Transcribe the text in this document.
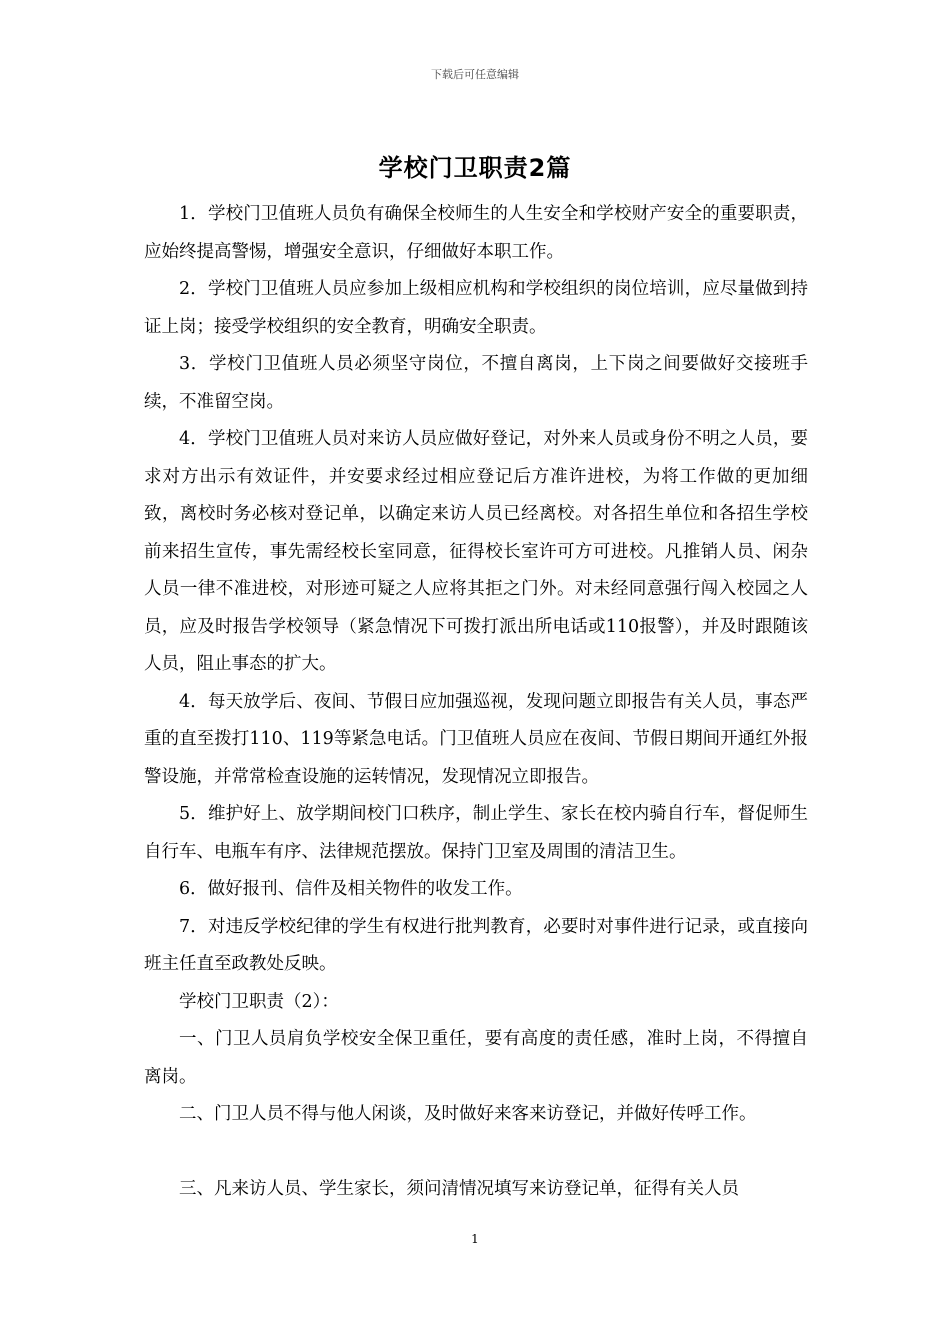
下载后可任意编辑
学校门卫职责2篇

1．学校门卫值班人员负有确保全校师生的人生安全和学校财产安全的重要职责，应始终提高警惕，增强安全意识，仔细做好本职工作。

2．学校门卫值班人员应参加上级相应机构和学校组织的岗位培训，应尽量做到持证上岗；接受学校组织的安全教育，明确安全职责。

3．学校门卫值班人员必须坚守岗位，不擅自离岗，上下岗之间要做好交接班手续，不准留空岗。

4．学校门卫值班人员对来访人员应做好登记，对外来人员或身份不明之人员，要求对方出示有效证件，并安要求经过相应登记后方准许进校，为将工作做的更加细致，离校时务必核对登记单，以确定来访人员已经离校。对各招生单位和各招生学校前来招生宣传，事先需经校长室同意，征得校长室许可方可进校。凡推销人员、闲杂人员一律不准进校，对形迹可疑之人应将其拒之门外。对未经同意强行闯入校园之人员，应及时报告学校领导（紧急情况下可拨打派出所电话或110报警），并及时跟随该人员，阻止事态的扩大。

4．每天放学后、夜间、节假日应加强巡视，发现问题立即报告有关人员，事态严重的直至拨打110、119等紧急电话。门卫值班人员应在夜间、节假日期间开通红外报警设施，并常常检查设施的运转情况，发现情况立即报告。

5．维护好上、放学期间校门口秩序，制止学生、家长在校内骑自行车，督促师生自行车、电瓶车有序、法律规范摆放。保持门卫室及周围的清洁卫生。

6．做好报刊、信件及相关物件的收发工作。

7．对违反学校纪律的学生有权进行批判教育，必要时对事件进行记录，或直接向班主任直至政教处反映。

学校门卫职责（2）：

一、门卫人员肩负学校安全保卫重任，要有高度的责任感，准时上岗，不得擅自离岗。

二、门卫人员不得与他人闲谈，及时做好来客来访登记，并做好传呼工作。

三、凡来访人员、学生家长，须问清情况填写来访登记单，征得有关人员

1
